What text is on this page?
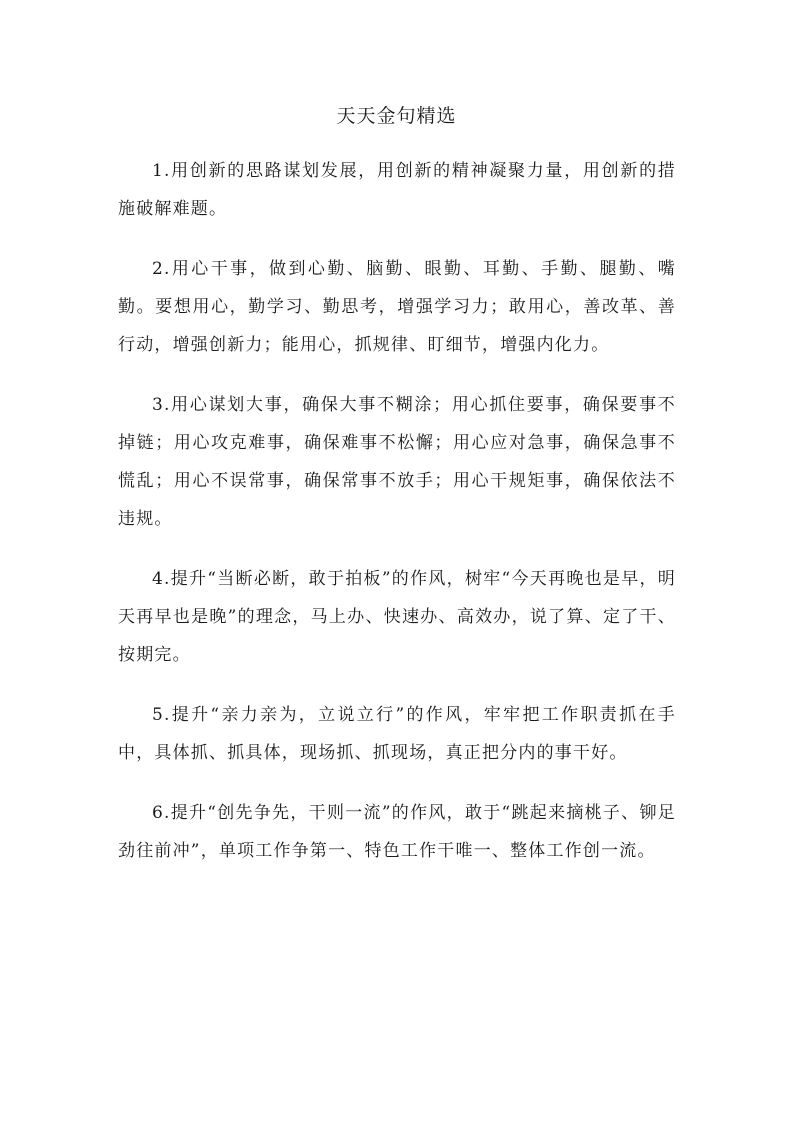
天天金句精选

1.用创新的思路谋划发展，用创新的精神凝聚力量，用创新的措施破解难题。

2.用心干事，做到心勤、脑勤、眼勤、耳勤、手勤、腿勤、嘴勤。要想用心，勤学习、勤思考，增强学习力；敢用心，善改革、善行动，增强创新力；能用心，抓规律、盯细节，增强内化力。

3.用心谋划大事，确保大事不糊涂；用心抓住要事，确保要事不掉链；用心攻克难事，确保难事不松懈；用心应对急事，确保急事不慌乱；用心不误常事，确保常事不放手；用心干规矩事，确保依法不违规。

4.提升“当断必断，敢于拍板”的作风，树牢“今天再晚也是早，明天再早也是晚”的理念，马上办、快速办、高效办，说了算、定了干、按期完。

5.提升“亲力亲为，立说立行”的作风，牢牢把工作职责抓在手中，具体抓、抓具体，现场抓、抓现场，真正把分内的事干好。

6.提升“创先争先，干则一流”的作风，敢于“跳起来摘桃子、铆足劲往前冲”，单项工作争第一、特色工作干唯一、整体工作创一流。
